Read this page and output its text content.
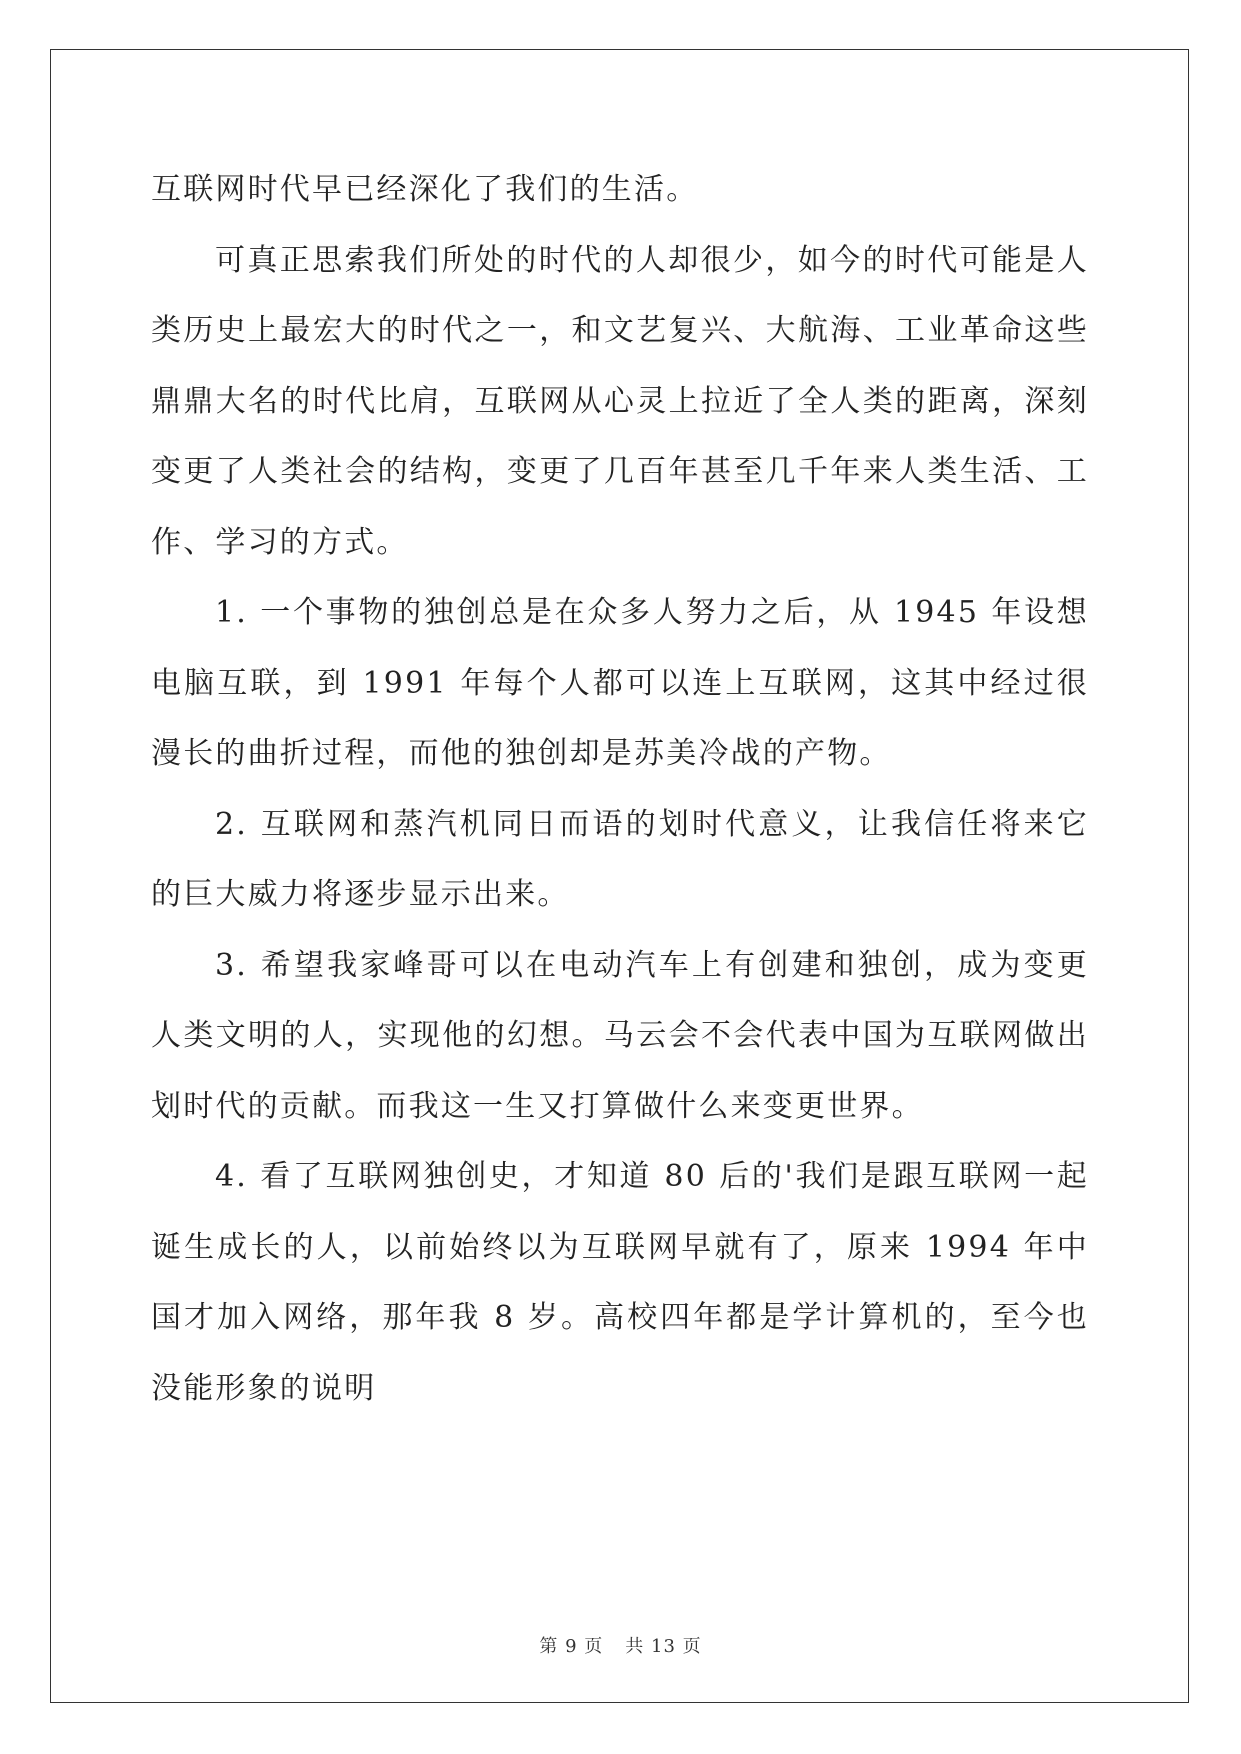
互联网时代早已经深化了我们的生活。

可真正思索我们所处的时代的人却很少，如今的时代可能是人类历史上最宏大的时代之一，和文艺复兴、大航海、工业革命这些鼎鼎大名的时代比肩，互联网从心灵上拉近了全人类的距离，深刻变更了人类社会的结构，变更了几百年甚至几千年来人类生活、工作、学习的方式。

1. 一个事物的独创总是在众多人努力之后，从 1945 年设想电脑互联，到 1991 年每个人都可以连上互联网，这其中经过很漫长的曲折过程，而他的独创却是苏美冷战的产物。

2. 互联网和蒸汽机同日而语的划时代意义，让我信任将来它的巨大威力将逐步显示出来。

3. 希望我家峰哥可以在电动汽车上有创建和独创，成为变更人类文明的人，实现他的幻想。马云会不会代表中国为互联网做出划时代的贡献。而我这一生又打算做什么来变更世界。

4. 看了互联网独创史，才知道 80 后的'我们是跟互联网一起诞生成长的人，以前始终以为互联网早就有了，原来 1994 年中国才加入网络，那年我 8 岁。高校四年都是学计算机的，至今也没能形象的说明

第 9 页 共 13 页
